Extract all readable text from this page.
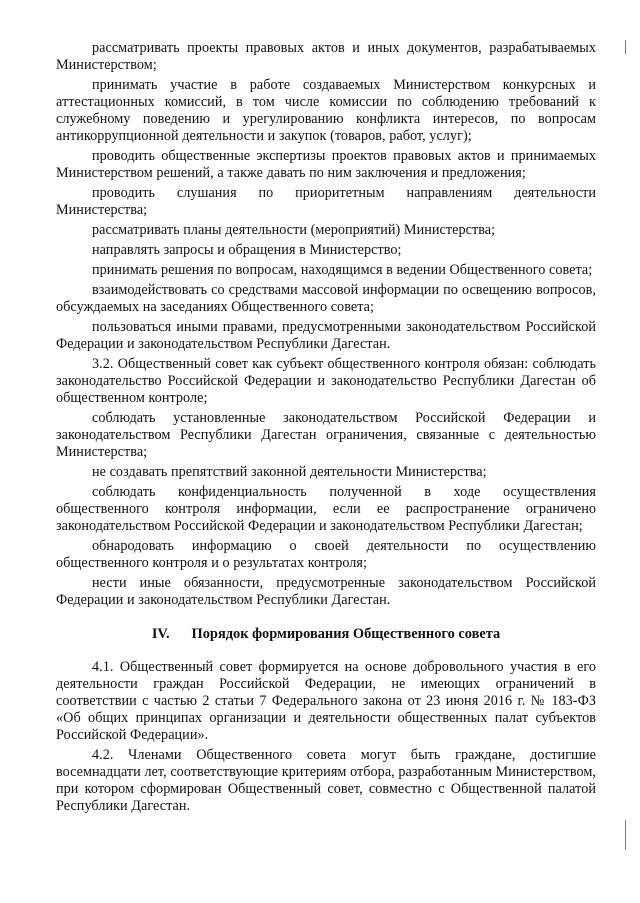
рассматривать проекты правовых актов и иных документов, разрабатываемых Министерством;

принимать участие в работе создаваемых Министерством конкурсных и аттестационных комиссий, в том числе комиссии по соблюдению требований к служебному поведению и урегулированию конфликта интересов, по вопросам антикоррупционной деятельности и закупок (товаров, работ, услуг);

проводить общественные экспертизы проектов правовых актов и принимаемых Министерством решений, а также давать по ним заключения и предложения;

проводить слушания по приоритетным направлениям деятельности Министерства;

рассматривать планы деятельности (мероприятий) Министерства;

направлять запросы и обращения в Министерство;

принимать решения по вопросам, находящимся в ведении Общественного совета;

взаимодействовать со средствами массовой информации по освещению вопросов, обсуждаемых на заседаниях Общественного совета;

пользоваться иными правами, предусмотренными законодательством Российской Федерации и законодательством Республики Дагестан.

3.2. Общественный совет как субъект общественного контроля обязан: соблюдать законодательство Российской Федерации и законодательство Республики Дагестан об общественном контроле;

соблюдать установленные законодательством Российской Федерации и законодательством Республики Дагестан ограничения, связанные с деятельностью Министерства;

не создавать препятствий законной деятельности Министерства;

соблюдать конфиденциальность полученной в ходе осуществления общественного контроля информации, если ее распространение ограничено законодательством Российской Федерации и законодательством Республики Дагестан;

обнародовать информацию о своей деятельности по осуществлению общественного контроля и о результатах контроля;

нести иные обязанности, предусмотренные законодательством Российской Федерации и законодательством Республики Дагестан.

IV. Порядок формирования Общественного совета

4.1. Общественный совет формируется на основе добровольного участия в его деятельности граждан Российской Федерации, не имеющих ограничений в соответствии с частью 2 статьи 7 Федерального закона от 23 июня 2016 г. № 183-ФЗ «Об общих принципах организации и деятельности общественных палат субъектов Российской Федерации».

4.2. Членами Общественного совета могут быть граждане, достигшие восемнадцати лет, соответствующие критериям отбора, разработанным Министерством, при котором сформирован Общественный совет, совместно с Общественной палатой Республики Дагестан.
